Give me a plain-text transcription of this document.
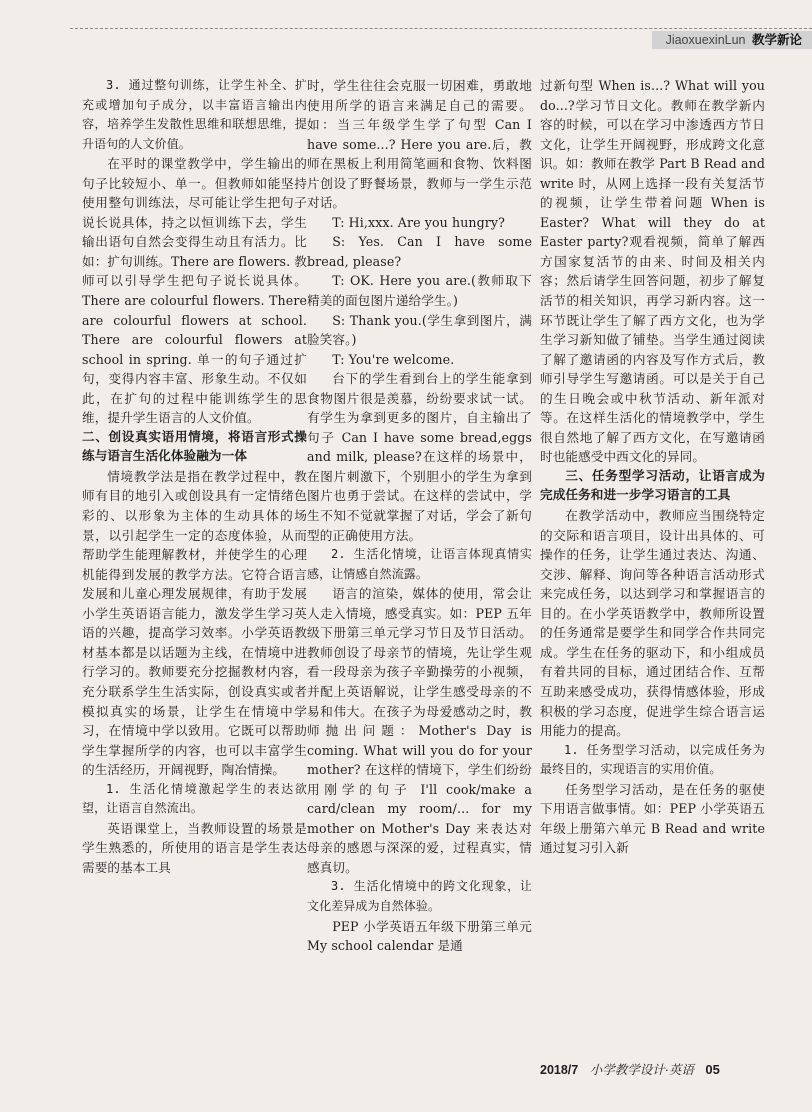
JiaoxuexinLun 教学新论

3. 通过整句训练，让学生补全、扩充或增加句子成分，以丰富语言输出内容，培养学生发散性思维和联想思维，提升语句的人文价值。

在平时的课堂教学中，学生输出的句子比较短小、单一。但教师如能坚持使用整句训练法，尽可能让学生把句子说长说具体，持之以恒训练下去，学生输出语句自然会变得生动且有活力。比如：扩句训练。There are flowers. 教师可以引导学生把句子说长说具体。There are colourful flowers. There are colourful flowers at school. There are colourful flowers at school in spring. 单一的句子通过扩句，变得内容丰富、形象生动。不仅如此，在扩句的过程中能训练学生的思维，提升学生语言的人文价值。

二、创设真实语用情境，将语言形式操练与语言生活化体验融为一体

情境教学法是指在教学过程中，教师有目的地引入或创设具有一定情绪色彩的、以形象为主体的生动具体的场景，以引起学生一定的态度体验，从而帮助学生能理解教材，并使学生的心理机能得到发展的教学方法。它符合语言发展和儿童心理发展规律，有助于发展小学生英语语言能力，激发学生学习英语的兴趣，提高学习效率。小学英语教材基本都是以话题为主线，在情境中进行学习的。教师要充分挖掘教材内容，充分联系学生生活实际，创设真实或者模拟真实的场景，让学生在情境中学习，在情境中学以致用。它既可以帮助学生掌握所学的内容，也可以丰富学生的生活经历，开阔视野，陶冶情操。

1. 生活化情境激起学生的表达欲望，让语言自然流出。

英语课堂上，当教师设置的场景是学生熟悉的，所使用的语言是学生表达需要的基本工具

时，学生往往会克服一切困难，勇敢地使用所学的语言来满足自己的需要。如：当三年级学生学了句型 Can I have some...? Here you are.后，教师在黑板上利用简笔画和食物、饮料图片创设了野餐场景，教师与一学生示范对话。

T: Hi,xxx. Are you hungry?

S: Yes. Can I have some bread, please?

T: OK. Here you are.(教师取下精美的面包图片递给学生。)

S: Thank you.(学生拿到图片，满脸笑容。)

T: You're welcome.

台下的学生看到台上的学生能拿到食物图片很是羡慕，纷纷要求试一试。有学生为拿到更多的图片，自主输出了句子 Can I have some bread,eggs and milk, please?在这样的场景中，在图片刺激下，个别胆小的学生为拿到图片也勇于尝试。在这样的尝试中，学生不知不觉就掌握了对话，学会了新句型的正确使用方法。

2. 生活化情境，让语言体现真情实感，让情感自然流露。

语言的渲染，媒体的使用，常会让人走入情境，感受真实。如：PEP 五年级下册第三单元学习节日及节日活动。教师创设了母亲节的情境，先让学生观看一段母亲为孩子辛勤操劳的小视频，并配上英语解说，让学生感受母亲的不易和伟大。在孩子为母爱感动之时，教师抛出问题：Mother's Day is coming. What will you do for your mother? 在这样的情境下，学生们纷纷用刚学的句子 I'll cook/make a card/clean my room/... for my mother on Mother's Day 来表达对母亲的感恩与深深的爱，过程真实，情感真切。

3. 生活化情境中的跨文化现象，让文化差异成为自然体验。

PEP 小学英语五年级下册第三单元 My school calendar 是通

过新句型 When is...? What will you do...?学习节日文化。教师在教学新内容的时候，可以在学习中渗透西方节日文化，让学生开阔视野，形成跨文化意识。如：教师在教学 Part B Read and write 时，从网上选择一段有关复活节的视频，让学生带着问题 When is Easter? What will they do at Easter party?观看视频，简单了解西方国家复活节的由来、时间及相关内容；然后请学生回答问题，初步了解复活节的相关知识，再学习新内容。这一环节既让学生了解了西方文化，也为学生学习新知做了铺垫。当学生通过阅读了解了邀请函的内容及写作方式后，教师引导学生写邀请函。可以是关于自己的生日晚会或中秋节活动、新年派对等。在这样生活化的情境教学中，学生很自然地了解了西方文化，在写邀请函时也能感受中西文化的异同。

三、任务型学习活动，让语言成为完成任务和进一步学习语言的工具

在教学活动中，教师应当围绕特定的交际和语言项目，设计出具体的、可操作的任务，让学生通过表达、沟通、交涉、解释、询问等各种语言活动形式来完成任务，以达到学习和掌握语言的目的。在小学英语教学中，教师所设置的任务通常是要学生和同学合作共同完成。学生在任务的驱动下，和小组成员有着共同的目标，通过团结合作、互帮互助来感受成功，获得情感体验，形成积极的学习态度，促进学生综合语言运用能力的提高。

1. 任务型学习活动，以完成任务为最终目的，实现语言的实用价值。

任务型学习活动，是在任务的驱使下用语言做事情。如：PEP 小学英语五年级上册第六单元 B Read and write 通过复习引入新

2018/7 小学教学设计·英语 05
